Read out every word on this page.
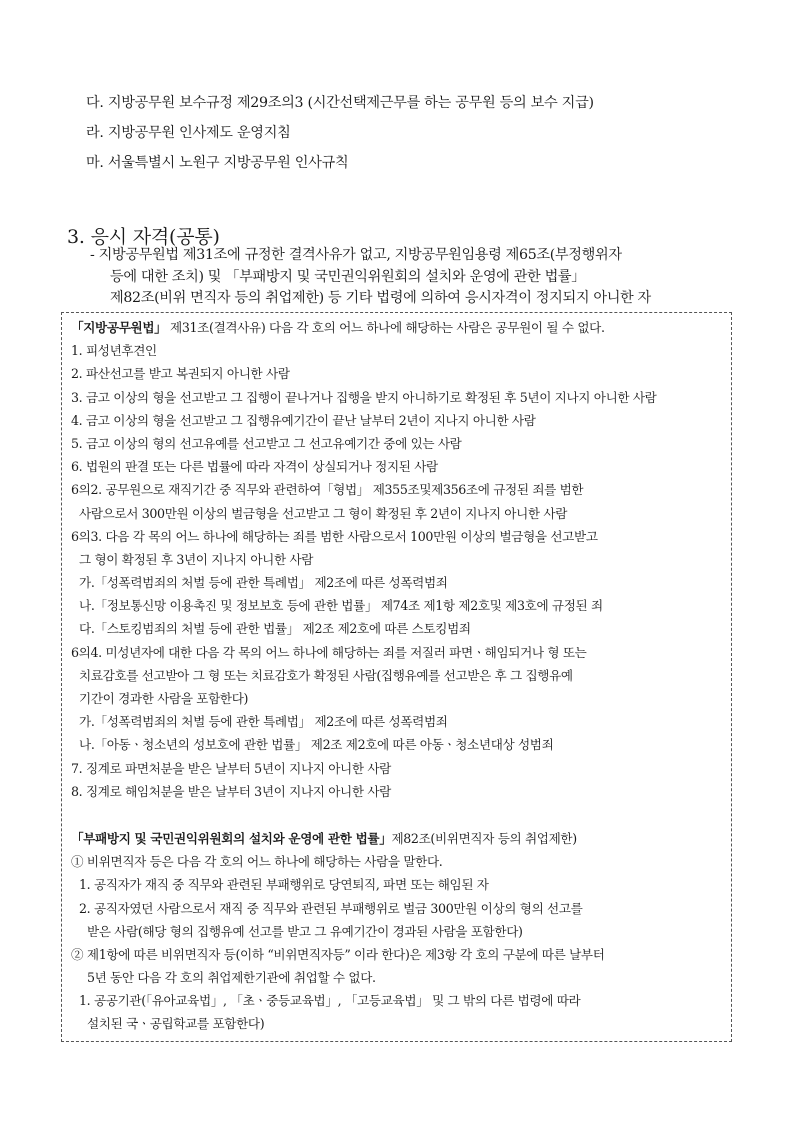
다. 지방공무원 보수규정 제29조의3 (시간선택제근무를 하는 공무원 등의 보수 지급)
라. 지방공무원 인사제도 운영지침
마. 서울특별시 노원구 지방공무원 인사규칙
3. 응시 자격(공통)
- 지방공무원법 제31조에 규정한 결격사유가 없고, 지방공무원임용령 제65조(부정행위자
등에 대한 조치) 및 「부패방지 및 국민권익위원회의 설치와 운영에 관한 법률」
제82조(비위 면직자 등의 취업제한) 등 기타 법령에 의하여 응시자격이 정지되지 아니한 자
「지방공무원법」 제31조(결격사유) 다음 각 호의 어느 하나에 해당하는 사람은 공무원이 될 수 없다.
1. 피성년후견인
2. 파산선고를 받고 복권되지 아니한 사람
3. 금고 이상의 형을 선고받고 그 집행이 끝나거나 집행을 받지 아니하기로 확정된 후 5년이 지나지 아니한 사람
4. 금고 이상의 형을 선고받고 그 집행유예기간이 끝난 날부터 2년이 지나지 아니한 사람
5. 금고 이상의 형의 선고유예를 선고받고 그 선고유예기간 중에 있는 사람
6. 법원의 판결 또는 다른 법률에 따라 자격이 상실되거나 정지된 사람
6의2. 공무원으로 재직기간 중 직무와 관련하여「형법」 제355조및제356조에 규정된 죄를 범한
사람으로서 300만원 이상의 벌금형을 선고받고 그 형이 확정된 후 2년이 지나지 아니한 사람
6의3. 다음 각 목의 어느 하나에 해당하는 죄를 범한 사람으로서 100만원 이상의 벌금형을 선고받고
그 형이 확정된 후 3년이 지나지 아니한 사람
가.「성폭력범죄의 처벌 등에 관한 특례법」 제2조에 따른 성폭력범죄
나.「정보통신망 이용촉진 및 정보보호 등에 관한 법률」 제74조 제1항 제2호및 제3호에 규정된 죄
다.「스토킹범죄의 처벌 등에 관한 법률」 제2조 제2호에 따른 스토킹범죄
6의4. 미성년자에 대한 다음 각 목의 어느 하나에 해당하는 죄를 저질러 파면ㆍ해임되거나 형 또는
치료감호를 선고받아 그 형 또는 치료감호가 확정된 사람(집행유예를 선고받은 후 그 집행유예
기간이 경과한 사람을 포함한다)
가.「성폭력범죄의 처벌 등에 관한 특례법」 제2조에 따른 성폭력범죄
나.「아동ㆍ청소년의 성보호에 관한 법률」 제2조 제2호에 따른 아동ㆍ청소년대상 성범죄
7. 징계로 파면처분을 받은 날부터 5년이 지나지 아니한 사람
8. 징계로 해임처분을 받은 날부터 3년이 지나지 아니한 사람
「부패방지 및 국민권익위원회의 설치와 운영에 관한 법률」제82조(비위면직자 등의 취업제한)
① 비위면직자 등은 다음 각 호의 어느 하나에 해당하는 사람을 말한다.
1. 공직자가 재직 중 직무와 관련된 부패행위로 당연퇴직, 파면 또는 해임된 자
2. 공직자였던 사람으로서 재직 중 직무와 관련된 부패행위로 벌금 300만원 이상의 형의 선고를
받은 사람(해당 형의 집행유예 선고를 받고 그 유예기간이 경과된 사람을 포함한다)
② 제1항에 따른 비위면직자 등(이하 “비위면직자등” 이라 한다)은 제3항 각 호의 구분에 따른 날부터
5년 동안 다음 각 호의 취업제한기관에 취업할 수 없다.
1. 공공기관(「유아교육법」, 「초ㆍ중등교육법」, 「고등교육법」 및 그 밖의 다른 법령에 따라
설치된 국ㆍ공립학교를 포함한다)
